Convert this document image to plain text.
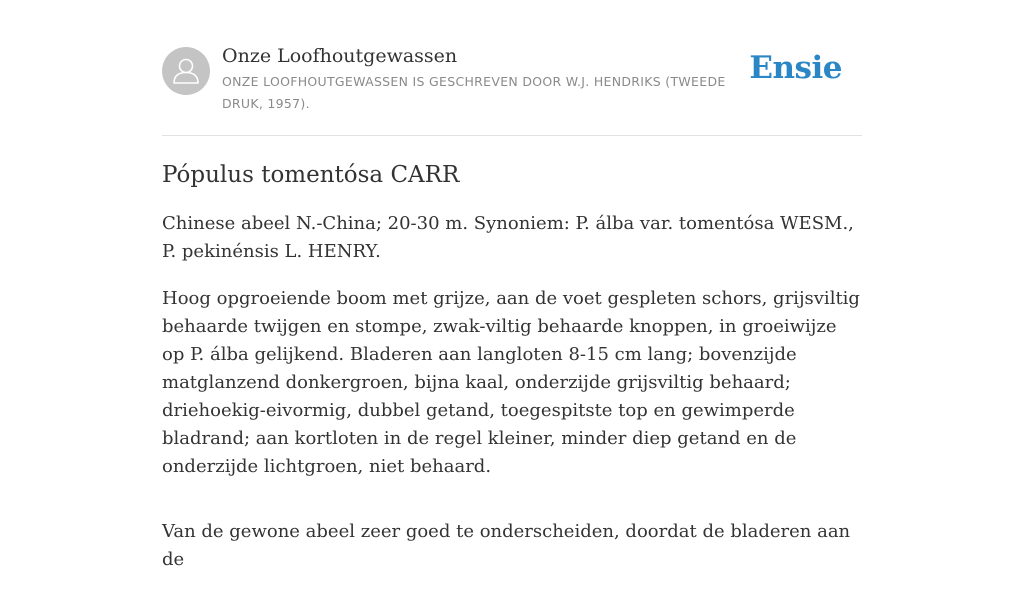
Onze Loofhoutgewassen
ONZE LOOFHOUTGEWASSEN IS GESCHREVEN DOOR W.J. HENDRIKS (TWEEDE DRUK, 1957).
Ensie
Pópulus tomentósa CARR

Chinese abeel N.-China; 20-30 m. Synoniem: P. álba var. tomentósa WESM., P. pekinénsis L. HENRY.

Hoog opgroeiende boom met grijze, aan de voet gespleten schors, grijsviltig behaarde twijgen en stompe, zwak-viltig behaarde knoppen, in groeiwijze op P. álba gelijkend. Bladeren aan langloten 8-15 cm lang; bovenzijde matglanzend donkergroen, bijna kaal, onderzijde grijsviltig behaard; driehoekig-eivormig, dubbel getand, toegespitste top en gewimperde bladrand; aan kortloten in de regel kleiner, minder diep getand en de onderzijde lichtgroen, niet behaard.

Van de gewone abeel zeer goed te onderscheiden, doordat de bladeren aan de
